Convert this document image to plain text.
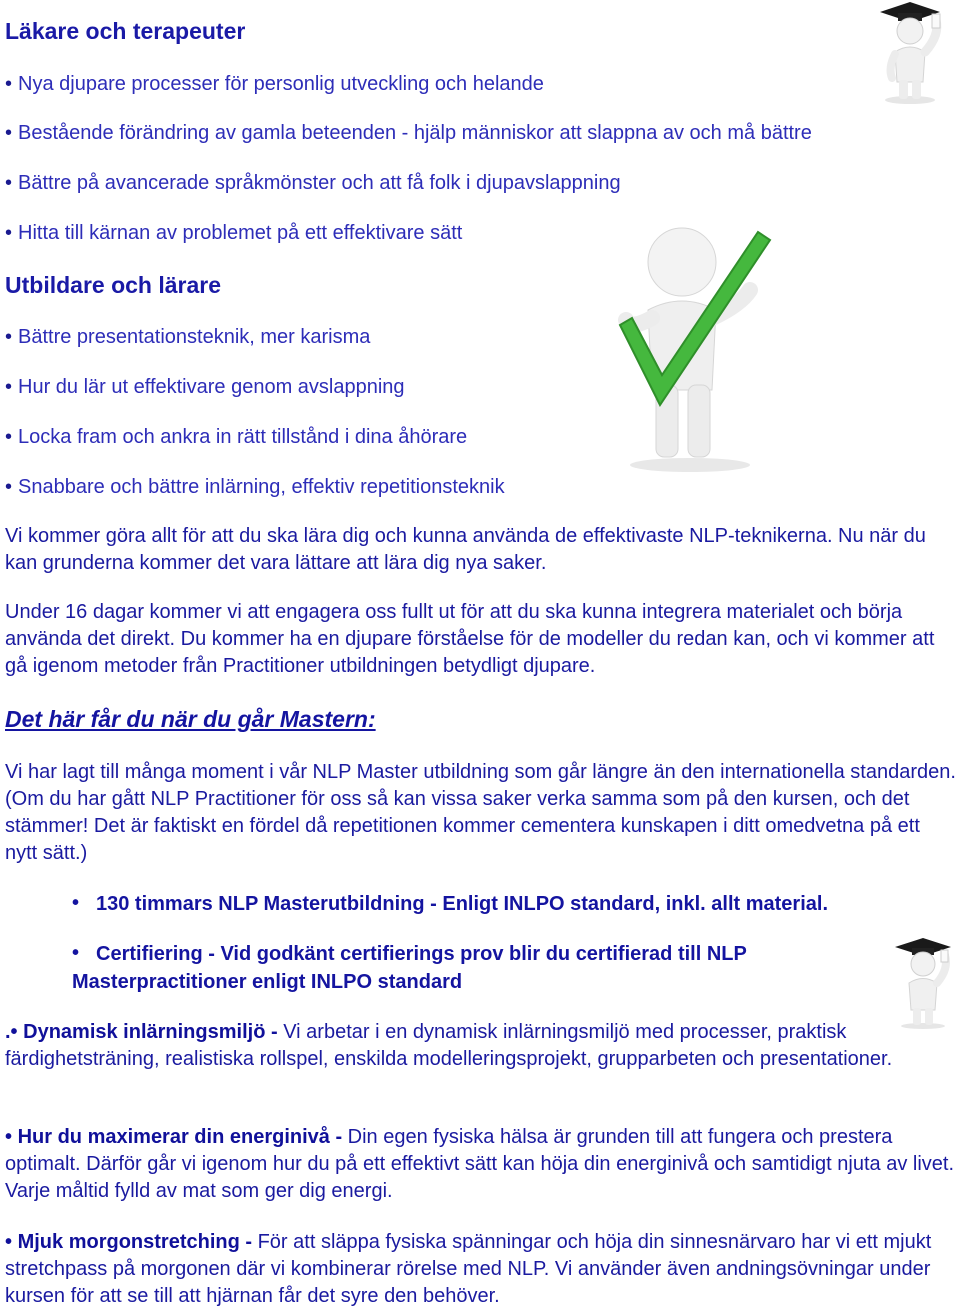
Läkare och terapeuter
• Nya djupare processer för personlig utveckling och helande
• Bestående förändring av gamla beteenden - hjälp människor att slappna av och må bättre
• Bättre på avancerade språkmönster och att få folk i djupavslappning
• Hitta till kärnan av problemet på ett effektivare sätt
Utbildare och lärare
• Bättre presentationsteknik, mer karisma
• Hur du lär ut effektivare genom avslappning
• Locka fram och ankra in rätt tillstånd i dina åhörare
• Snabbare och bättre inlärning, effektiv repetitionsteknik

Vi kommer göra allt för att du ska lära dig och kunna använda de effektivaste NLP-teknikerna. Nu när du kan grunderna kommer det vara lättare att lära dig nya saker.

Under 16 dagar kommer vi att engagera oss fullt ut för att du ska kunna integrera materialet och börja använda det direkt. Du kommer ha en djupare förståelse för de modeller du redan kan, och vi kommer att gå igenom metoder från Practitioner utbildningen betydligt djupare.

Det här får du när du går Mastern:

Vi har lagt till många moment i vår NLP Master utbildning som går längre än den internationella standarden. (Om du har gått NLP Practitioner för oss så kan vissa saker verka samma som på den kursen, och det stämmer! Det är faktiskt en fördel då repetitionen kommer cementera kunskapen i ditt omedvetna på ett nytt sätt.)

• 130 timmars NLP Masterutbildning - Enligt INLPO standard, inkl. allt material.
• Certifiering - Vid godkänt certifierings prov blir du certifierad till NLP
Masterpractitioner enligt INLPO standard

.• Dynamisk inlärningsmiljö - Vi arbetar i en dynamisk inlärningsmiljö med processer, praktisk färdighetsträning, realistiska rollspel, enskilda modelleringsprojekt, grupparbeten och presentationer.

• Hur du maximerar din energinivå - Din egen fysiska hälsa är grunden till att fungera och prestera optimalt. Därför går vi igenom hur du på ett effektivt sätt kan höja din energinivå och samtidigt njuta av livet. Varje måltid fylld av mat som ger dig energi.

• Mjuk morgonstretching - För att släppa fysiska spänningar och höja din sinnesnärvaro har vi ett mjukt stretchpass på morgonen där vi kombinerar rörelse med NLP. Vi använder även andningsövningar under kursen för att se till att hjärnan får det syre den behöver.
